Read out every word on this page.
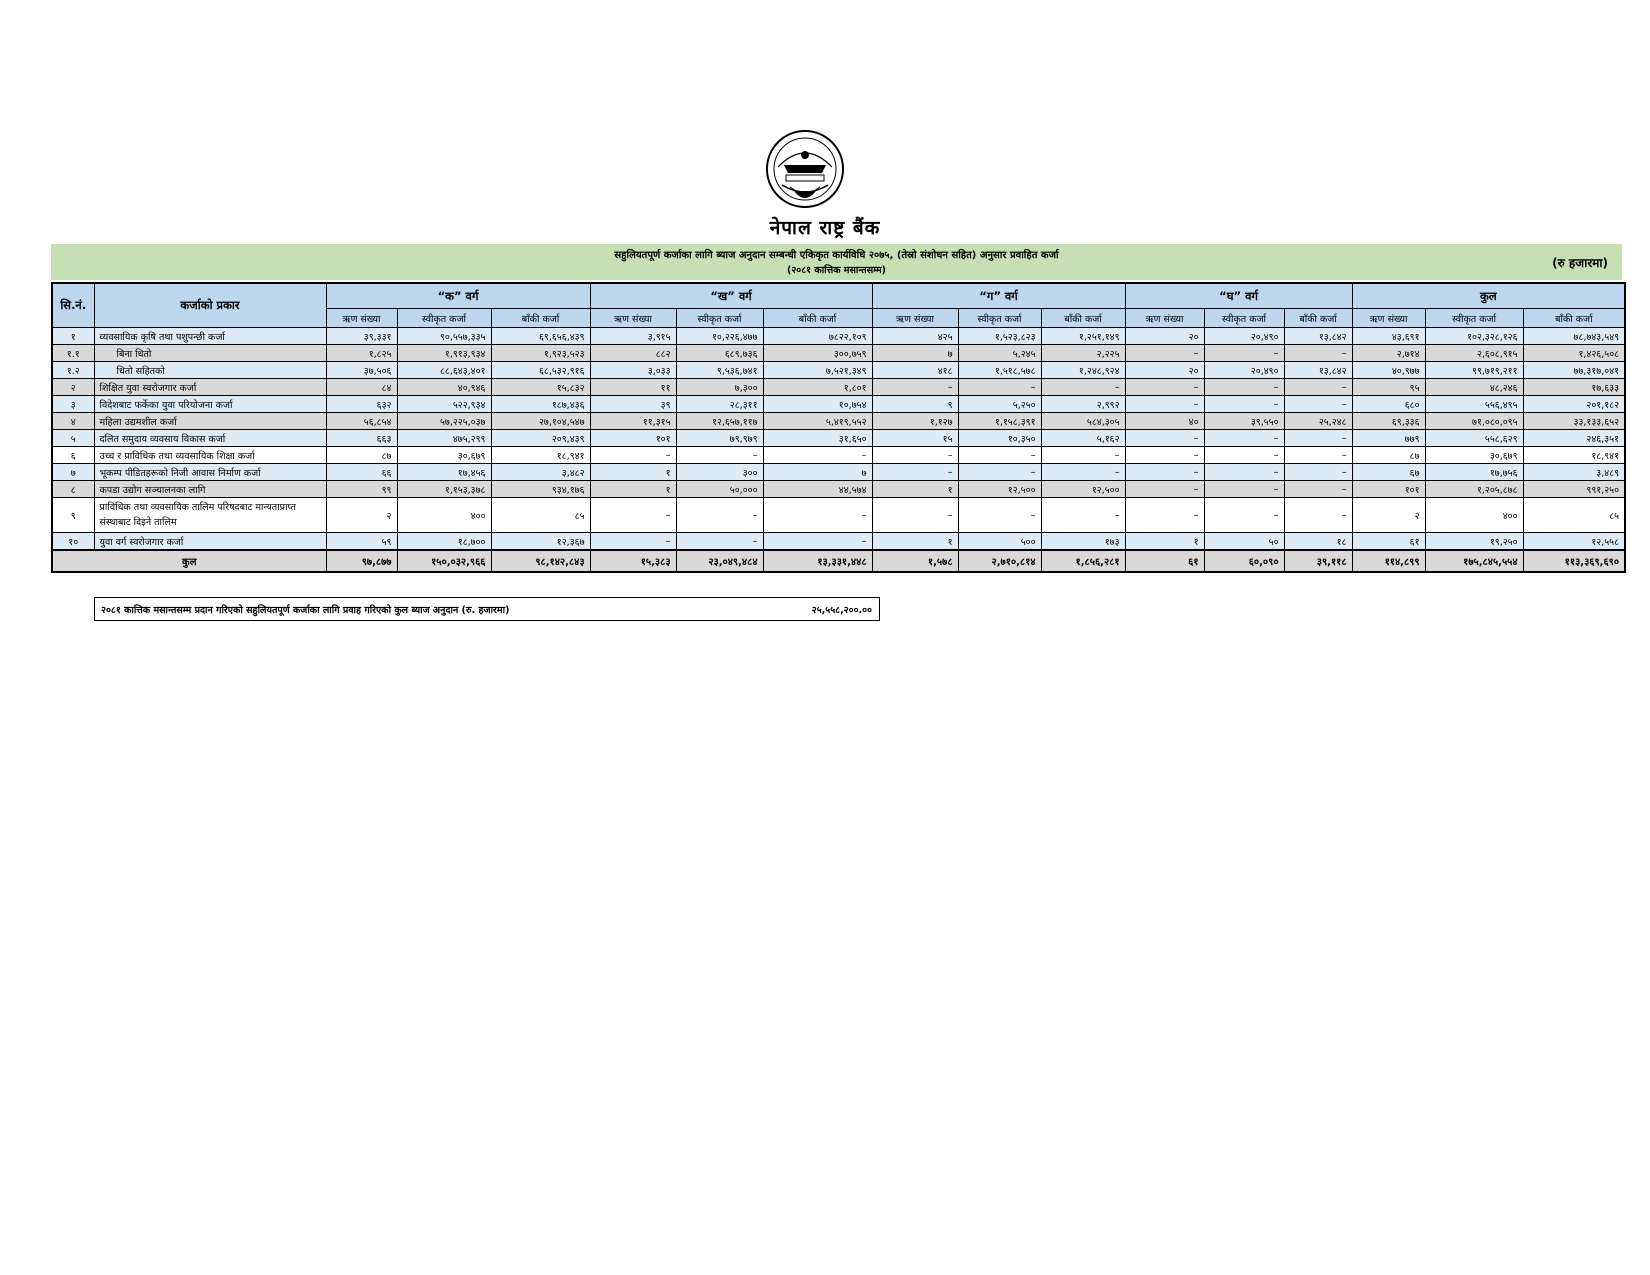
नेपाल राष्ट्र बैंक
सहुलियतपूर्ण कर्जाका लागि ब्याज अनुदान सम्बन्धी एकिकृत कार्यविधि २०७५, (तेस्रो संशोधन सहित) अनुसार प्रवाहित कर्जा
(२०८१ कात्तिक मसान्तसम्म)
(रु हजारमा)
सि.नं.	कर्जाको प्रकार	“क” वर्ग			“ख” वर्ग			“ग” वर्ग			“घ” वर्ग			कुल		
		ऋण संख्या	स्वीकृत कर्जा	बाँकी कर्जा	ऋण संख्या	स्वीकृत कर्जा	बाँकी कर्जा	ऋण संख्या	स्वीकृत कर्जा	बाँकी कर्जा	ऋण संख्या	स्वीकृत कर्जा	बाँकी कर्जा	ऋण संख्या	स्वीकृत कर्जा	बाँकी कर्जा
१	व्यवसायिक कृषि तथा पशुपन्छी कर्जा	३९,३३१	९०,५५७,३३५	६९,६५६,४३९	३,९१५	१०,२२६,४७७	७८२२,१०९	४२५	१,५२३,८२३	१,२५१,१४९	२०	२०,४९०	१३,८४२	४३,६९१	१०२,३२८,१२६	७८,७४३,५४९
१.१	बिना धितो	१,८२५	१,९१३,९३४	१,९२३,५२३	८८२	६८९,७३६	३००,७५९	७	५,२४५	२,२२५	–	–	–	२,७१४	२,६०८,९१५	१,४२६,५०८
१.२	धितो सहितको	३७,५०६	८८,६४३,४०१	६८,५३२,९१६	३,०३३	९,५३६,७४१	७,५२१,३४९	४१८	१,५१८,५७८	१,२४८,९२४	२०	२०,४९०	१३,८४२	४०,९७७	९९,७१९,२११	७७,३१७,०४१
२	शिक्षित युवा स्वरोजगार कर्जा	८४	४०,९४६	१५,८३२	११	७,३००	१,८०१	–	–	–	–	–	–	९५	४८,२४६	१७,६३३
३	विदेशबाट फर्केका युवा परियोजना कर्जा	६३२	५२२,९३४	१८७,४३६	३९	२८,३११	१०,७५४	९	५,२५०	२,९९२	–	–	–	६८०	५५६,४९५	२०१,१८२
४	महिला उद्यमशील कर्जा	५६,८५४	५७,२२५,०३७	२७,१०४,५४७	११,३१५	१२,६५७,११७	५,४१९,५५२	१,१२७	१,१५८,३९१	५८४,३०५	४०	३९,५५०	२५,२४८	६९,३३६	७१,०८०,०९५	३३,१३३,६५२
५	दलित समुदाय व्यवसाय विकास कर्जा	६६३	४७५,२९९	२०९,४३९	१०१	७९,९७९	३१,६५०	१५	१०,३५०	५,१६२	–	–	–	७७९	५५८,६२९	२४६,३५१
६	उच्च र प्राविधिक तथा व्यवसायिक शिक्षा कर्जा	८७	३०,६७९	१८,९४१	–	–	–	–	–	–	–	–	–	८७	३०,६७९	१८,९४१
७	भूकम्प पीडितहरूको निजी आवास निर्माण कर्जा	६६	१७,४५६	३,४८२	१	३००	७	–	–	–	–	–	–	६७	१७,७५६	३,४८९
८	कपडा उद्योग सञ्चालनका लागि	९९	१,१५३,३७८	९३४,१७६	१	५०,०००	४४,५७४	१	१२,५००	१२,५००	–	–	–	१०१	१,२०५,८७८	९९१,२५०
९	प्राविधिक तथा व्यवसायिक तालिम परिषदबाट मान्यताप्राप्त संस्थाबाट दिइने तालिम	२	४००	८५	–	–	–	–	–	–	–	–	–	२	४००	८५
१०	युवा वर्ग स्वरोजगार कर्जा	५९	१८,७००	१२,३६७	–	–	–	१	५००	१७३	१	५०	१८	६१	१९,२५०	१२,५५८
कुल		९७,८७७	१५०,०३२,९६६	९८,१४२,८४३	१५,३८३	२३,०४९,४८४	१३,३३१,४४८	१,५७८	२,७१०,८१४	१,८५६,२८१	६१	६०,०९०	३९,११८	११४,८९९	१७५,८४५,५५४	११३,३६९,६९०
२०८१ कात्तिक मसान्तसम्म प्रदान गरिएको सहुलियतपूर्ण कर्जाका लागि प्रवाह गरिएको कुल ब्याज अनुदान (रु. हजारमा)	२५,५५८,२००.००
